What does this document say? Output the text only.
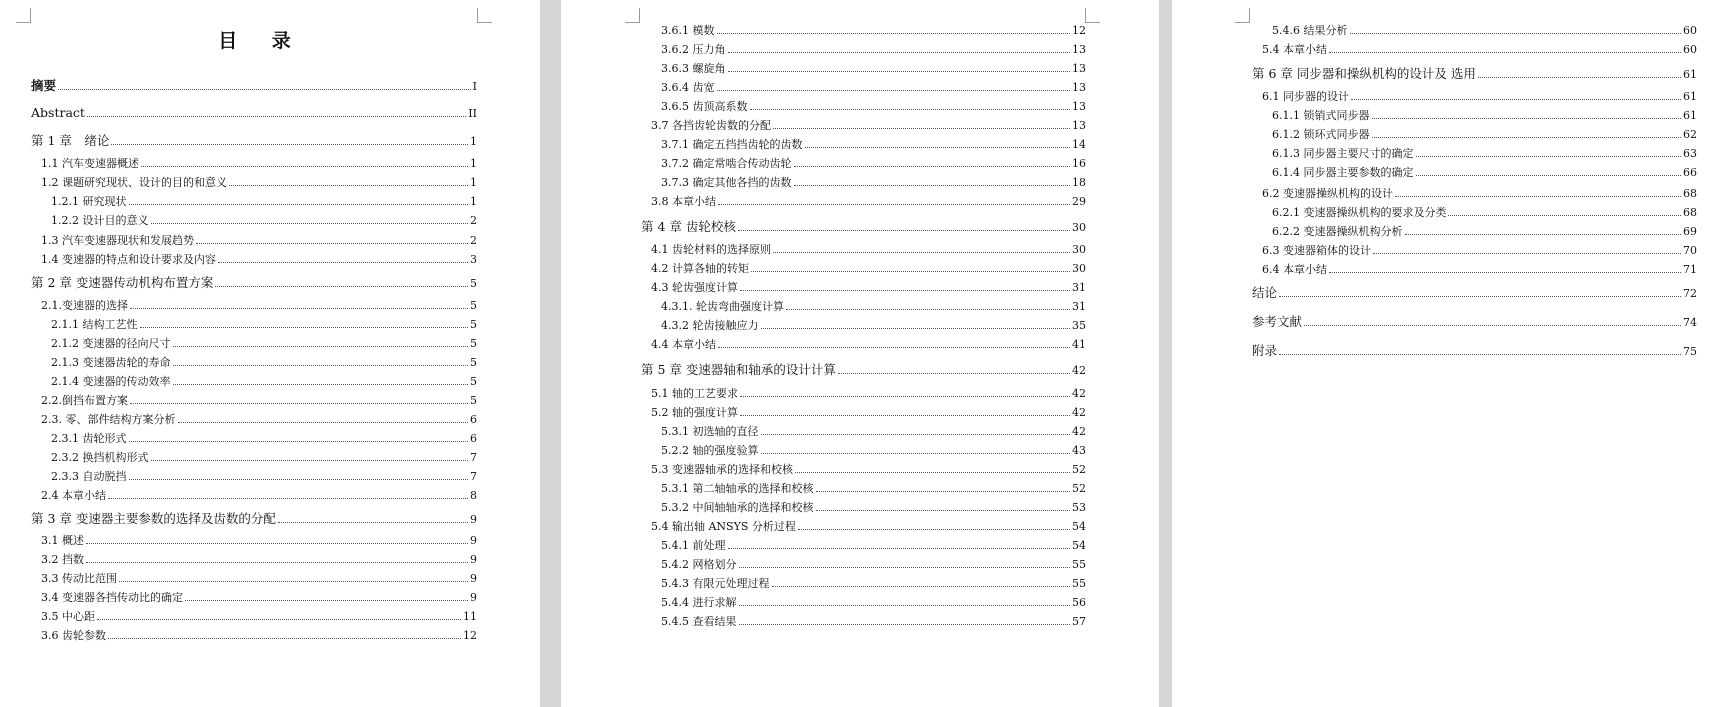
目 录
摘要	I
Abstract	II
第 1 章　绪论	1
1.1 汽车变速器概述	1
1.2 课题研究现状、设计的目的和意义	1
1.2.1 研究现状	1
1.2.2 设计目的意义	2
1.3 汽车变速器现状和发展趋势	2
1.4 变速器的特点和设计要求及内容	3
第 2 章 变速器传动机构布置方案	5
2.1.变速器的选择	5
2.1.1 结构工艺性	5
2.1.2 变速器的径向尺寸	5
2.1.3 变速器齿轮的寿命	5
2.1.4 变速器的传动效率	5
2.2.倒挡布置方案	5
2.3. 零、部件结构方案分析	6
2.3.1 齿轮形式	6
2.3.2 换挡机构形式	7
2.3.3 自动脱挡	7
2.4 本章小结	8
第 3 章 变速器主要参数的选择及齿数的分配	9
3.1 概述	9
3.2 挡数	9
3.3 传动比范围	9
3.4 变速器各挡传动比的确定	9
3.5 中心距	11
3.6 齿轮参数	12
3.6.1 模数	12
3.6.2 压力角	13
3.6.3 螺旋角	13
3.6.4 齿宽	13
3.6.5 齿顶高系数	13
3.7 各挡齿轮齿数的分配	13
3.7.1 确定五挡挡齿轮的齿数	14
3.7.2 确定常啮合传动齿轮	16
3.7.3 确定其他各挡的齿数	18
3.8 本章小结	29
第 4 章 齿轮校核	30
4.1 齿轮材料的选择原则	30
4.2 计算各轴的转矩	30
4.3 轮齿强度计算	31
4.3.1. 轮齿弯曲强度计算	31
4.3.2 轮齿接触应力	35
4.4 本章小结	41
第 5 章 变速器轴和轴承的设计计算	42
5.1 轴的工艺要求	42
5.2 轴的强度计算	42
5.3.1 初选轴的直径	42
5.2.2 轴的强度验算	43
5.3 变速器轴承的选择和校核	52
5.3.1 第二轴轴承的选择和校核	52
5.3.2 中间轴轴承的选择和校核	53
5.4 输出轴 ANSYS 分析过程	54
5.4.1 前处理	54
5.4.2 网格划分	55
5.4.3 有限元处理过程	55
5.4.4 进行求解	56
5.4.5 查看结果	57
5.4.6 结果分析	60
5.4 本章小结	60
第 6 章 同步器和操纵机构的设计及 选用	61
6.1 同步器的设计	61
6.1.1 锁销式同步器	61
6.1.2 锁环式同步器	62
6.1.3 同步器主要尺寸的确定	63
6.1.4 同步器主要参数的确定	66
6.2 变速器操纵机构的设计	68
6.2.1 变速器操纵机构的要求及分类	68
6.2.2 变速器操纵机构分析	69
6.3 变速器箱体的设计	70
6.4 本章小结	71
结论	72
参考文献	74
附录	75
